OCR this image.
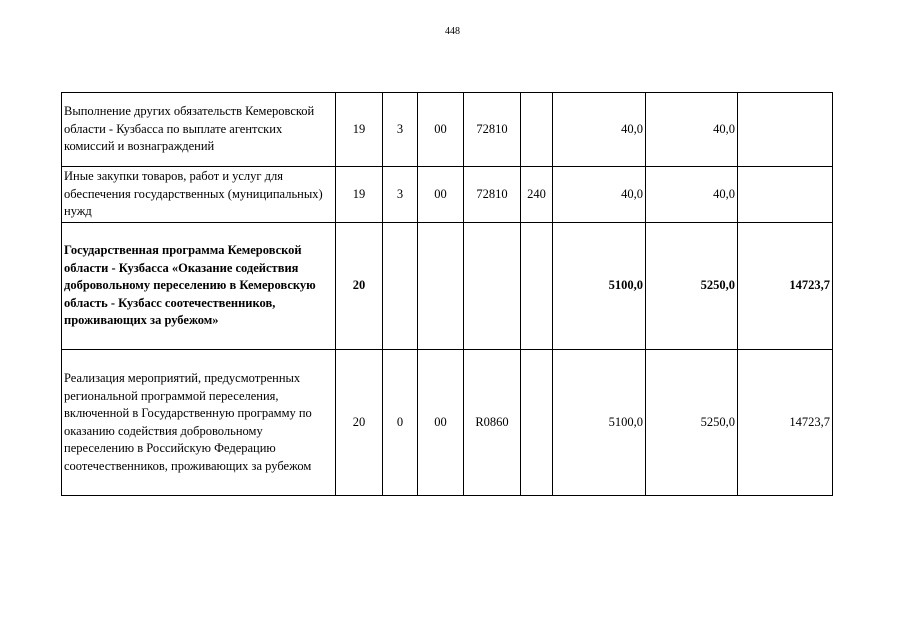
448
Выполнение других обязательств Кемеровской области - Кузбасса по выплате агентских комиссий и вознаграждений	19	3	00	72810		40,0	40,0	
Иные закупки товаров, работ и услуг для обеспечения государственных (муниципальных) нужд	19	3	00	72810	240	40,0	40,0	
Государственная программа Кемеровской области - Кузбасса «Оказание содействия добровольному переселению в Кемеровскую область - Кузбасс соотечественников, проживающих за рубежом»	20					5100,0	5250,0	14723,7
Реализация мероприятий, предусмотренных региональной программой переселения, включенной в Государственную программу по оказанию содействия добровольному переселению в Российскую Федерацию соотечественников, проживающих за рубежом	20	0	00	R0860		5100,0	5250,0	14723,7
